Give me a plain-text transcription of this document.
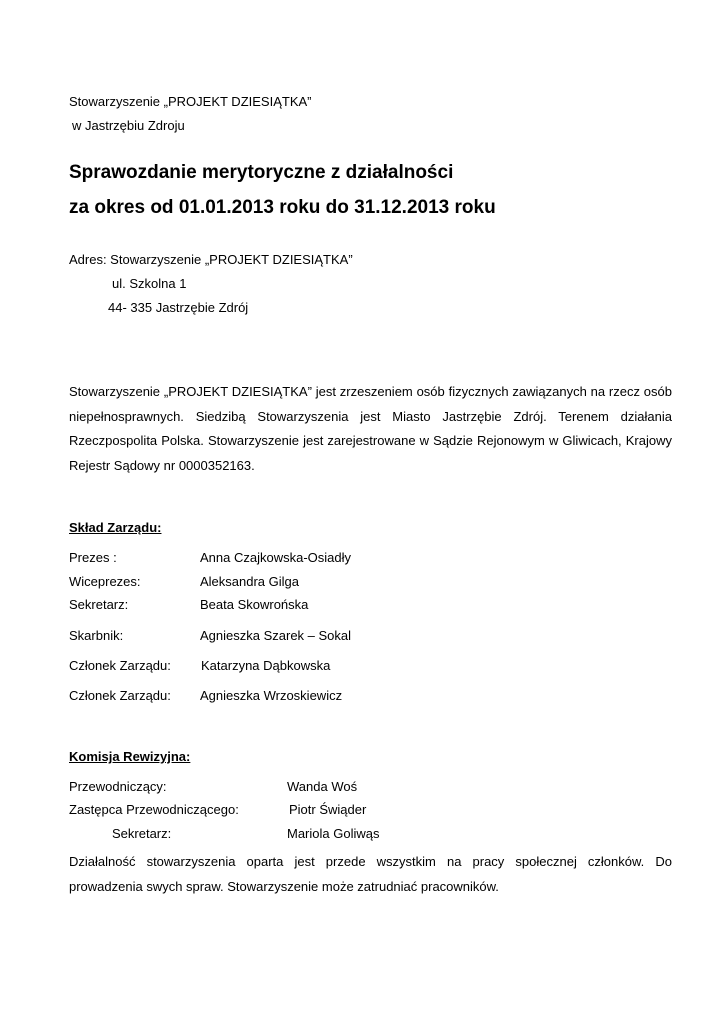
Stowarzyszenie „PROJEKT DZIESIĄTKA”
w Jastrzębiu Zdroju
Sprawozdanie merytoryczne z działalności
za okres od 01.01.2013 roku do 31.12.2013 roku
Adres: Stowarzyszenie „PROJEKT DZIESIĄTKA”
ul. Szkolna 1
44- 335 Jastrzębie Zdrój
Stowarzyszenie „PROJEKT DZIESIĄTKA” jest zrzeszeniem osób fizycznych zawiązanych na rzecz osób niepełnosprawnych. Siedzibą Stowarzyszenia jest Miasto Jastrzębie Zdrój. Terenem działania Rzeczpospolita Polska. Stowarzyszenie jest zarejestrowane w Sądzie Rejonowym w Gliwicach, Krajowy Rejestr Sądowy nr 0000352163.
Skład Zarządu:
Prezes :	Anna Czajkowska-Osiadły
Wiceprezes:	Aleksandra Gilga
Sekretarz:	Beata Skowrońska
Skarbnik:	Agnieszka Szarek – Sokal
Członek Zarządu: Katarzyna Dąbkowska
Członek Zarządu: Agnieszka Wrzoskiewicz
Komisja Rewizyjna:
Przewodniczący:	Wanda Woś
Zastępca Przewodniczącego:	Piotr Świąder
Sekretarz:	Mariola Goliwąs
Działalność stowarzyszenia oparta jest przede wszystkim na pracy społecznej członków. Do prowadzenia swych spraw. Stowarzyszenie może zatrudniać pracowników.
